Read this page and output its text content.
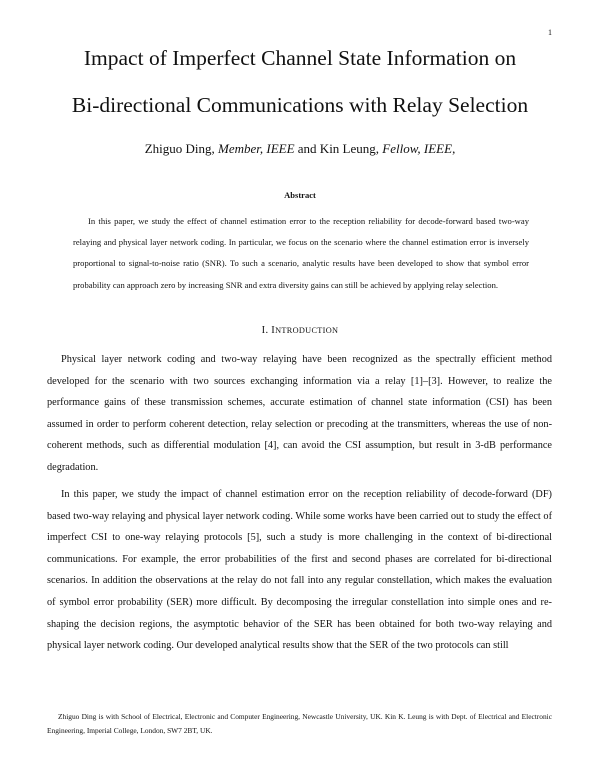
1
Impact of Imperfect Channel State Information on
Bi-directional Communications with Relay Selection
Zhiguo Ding, Member, IEEE and Kin Leung, Fellow, IEEE,
Abstract

In this paper, we study the effect of channel estimation error to the reception reliability for decode-forward based two-way relaying and physical layer network coding. In particular, we focus on the scenario where the channel estimation error is inversely proportional to signal-to-noise ratio (SNR). To such a scenario, analytic results have been developed to show that symbol error probability can approach zero by increasing SNR and extra diversity gains can still be achieved by applying relay selection.

I. INTRODUCTION

Physical layer network coding and two-way relaying have been recognized as the spectrally efficient method developed for the scenario with two sources exchanging information via a relay [1]–[3]. However, to realize the performance gains of these transmission schemes, accurate estimation of channel state information (CSI) has been assumed in order to perform coherent detection, relay selection or precoding at the transmitters, whereas the use of non-coherent methods, such as differential modulation [4], can avoid the CSI assumption, but result in 3-dB performance degradation.

In this paper, we study the impact of channel estimation error on the reception reliability of decode-forward (DF) based two-way relaying and physical layer network coding. While some works have been carried out to study the effect of imperfect CSI to one-way relaying protocols [5], such a study is more challenging in the context of bi-directional communications. For example, the error probabilities of the first and second phases are correlated for bi-directional scenarios. In addition the observations at the relay do not fall into any regular constellation, which makes the evaluation of symbol error probability (SER) more difficult. By decomposing the irregular constellation into simple ones and re-shaping the decision regions, the asymptotic behavior of the SER has been obtained for both two-way relaying and physical layer network coding. Our developed analytical results show that the SER of the two protocols can still

Zhiguo Ding is with School of Electrical, Electronic and Computer Engineering, Newcastle University, UK. Kin K. Leung is with Dept. of Electrical and Electronic Engineering, Imperial College, London, SW7 2BT, UK.
